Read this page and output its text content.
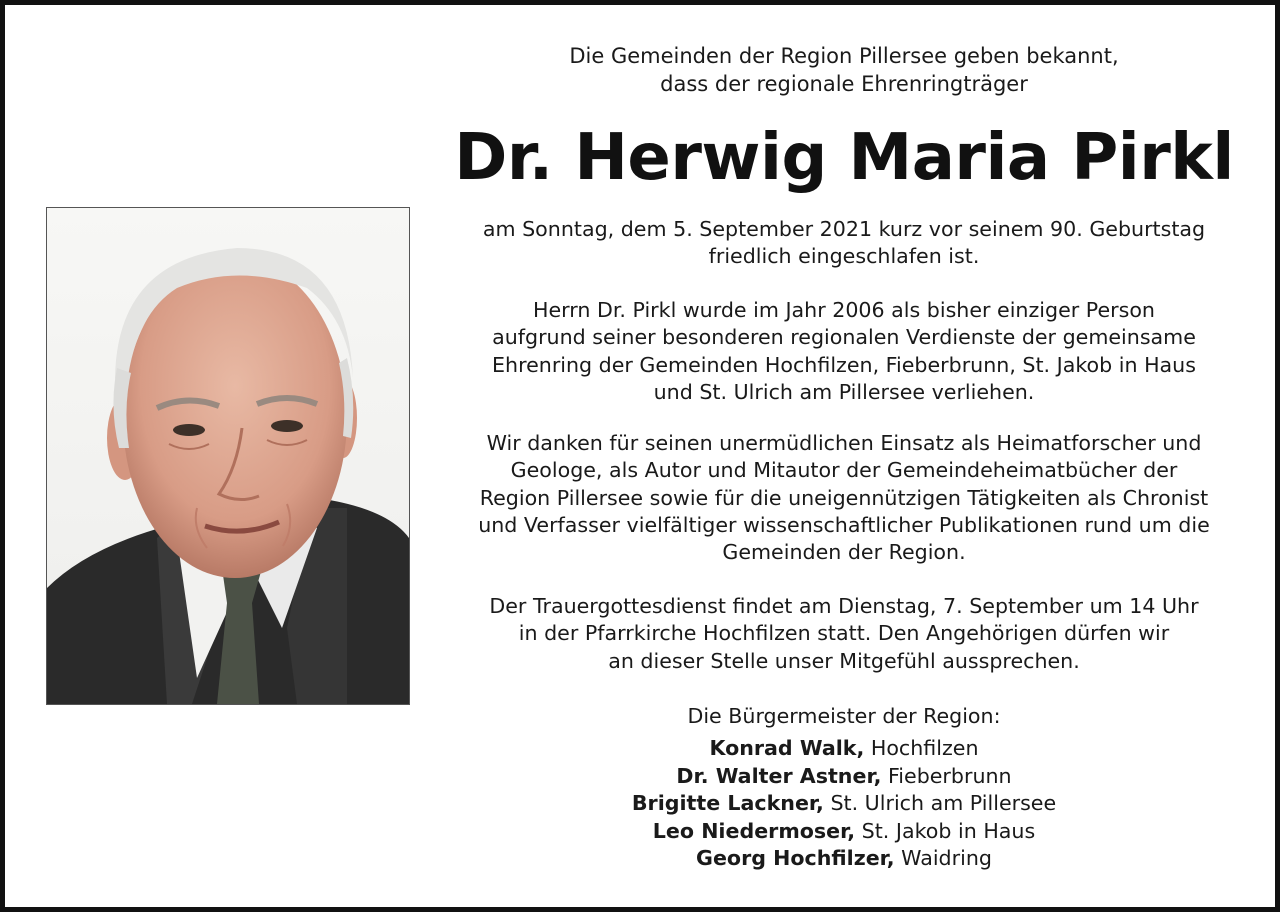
Die Gemeinden der Region Pillersee geben bekannt,
dass der regionale Ehrenringträger
Dr. Herwig Maria Pirkl
am Sonntag, dem 5. September 2021 kurz vor seinem 90. Geburtstag
friedlich eingeschlafen ist.
Herrn Dr. Pirkl wurde im Jahr 2006 als bisher einziger Person
aufgrund seiner besonderen regionalen Verdienste der gemeinsame
Ehrenring der Gemeinden Hochfilzen, Fieberbrunn, St. Jakob in Haus
und St. Ulrich am Pillersee verliehen.
Wir danken für seinen unermüdlichen Einsatz als Heimatforscher und
Geologe, als Autor und Mitautor der Gemeindeheimatbücher der
Region Pillersee sowie für die uneigennützigen Tätigkeiten als Chronist
und Verfasser vielfältiger wissenschaftlicher Publikationen rund um die
Gemeinden der Region.
Der Trauergottesdienst findet am Dienstag, 7. September um 14 Uhr
in der Pfarrkirche Hochfilzen statt. Den Angehörigen dürfen wir
an dieser Stelle unser Mitgefühl aussprechen.
Die Bürgermeister der Region:
Konrad Walk, Hochfilzen
Dr. Walter Astner, Fieberbrunn
Brigitte Lackner, St. Ulrich am Pillersee
Leo Niedermoser, St. Jakob in Haus
Georg Hochfilzer, Waidring
